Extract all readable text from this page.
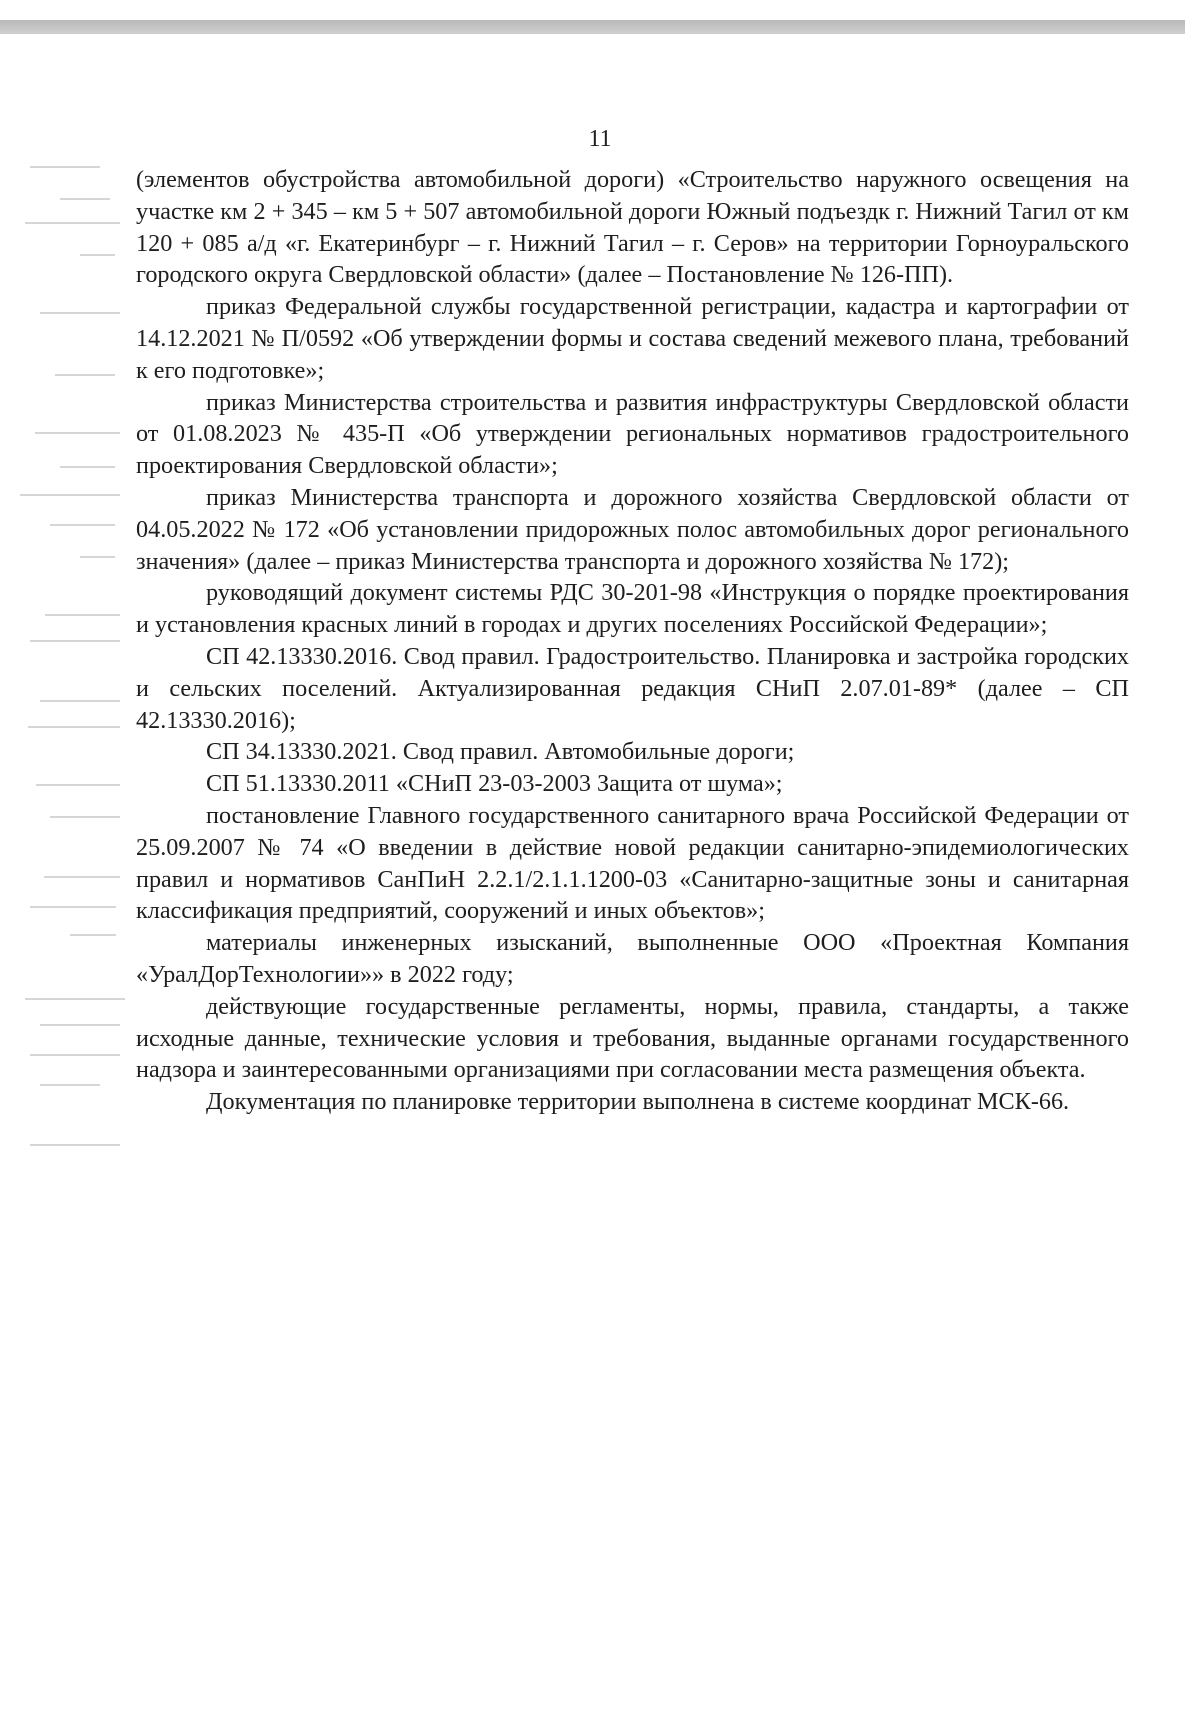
11

(элементов обустройства автомобильной дороги) «Строительство наружного освещения на участке км 2 + 345 – км 5 + 507 автомобильной дороги Южный подъездк г. Нижний Тагил от км 120 + 085 а/д «г. Екатеринбург – г. Нижний Тагил – г. Серов» на территории Горноуральского городского округа Свердловской области» (далее – Постановление № 126-ПП).

приказ Федеральной службы государственной регистрации, кадастра и картографии от 14.12.2021 № П/0592 «Об утверждении формы и состава сведений межевого плана, требований к его подготовке»;

приказ Министерства строительства и развития инфраструктуры Свердловской области от 01.08.2023 № 435-П «Об утверждении региональных нормативов градостроительного проектирования Свердловской области»;

приказ Министерства транспорта и дорожного хозяйства Свердловской области от 04.05.2022 № 172 «Об установлении придорожных полос автомобильных дорог регионального значения» (далее – приказ Министерства транспорта и дорожного хозяйства № 172);

руководящий документ системы РДС 30-201-98 «Инструкция о порядке проектирования и установления красных линий в городах и других поселениях Российской Федерации»;

СП 42.13330.2016. Свод правил. Градостроительство. Планировка и застройка городских и сельских поселений. Актуализированная редакция СНиП 2.07.01-89* (далее – СП 42.13330.2016);

СП 34.13330.2021. Свод правил. Автомобильные дороги;

СП 51.13330.2011 «СНиП 23-03-2003 Защита от шума»;

постановление Главного государственного санитарного врача Российской Федерации от 25.09.2007 № 74 «О введении в действие новой редакции санитарно-эпидемиологических правил и нормативов СанПиН 2.2.1/2.1.1.1200-03 «Санитарно-защитные зоны и санитарная классификация предприятий, сооружений и иных объектов»;

материалы инженерных изысканий, выполненные ООО «Проектная Компания «УралДорТехнологии»» в 2022 году;

действующие государственные регламенты, нормы, правила, стандарты, а также исходные данные, технические условия и требования, выданные органами государственного надзора и заинтересованными организациями при согласовании места размещения объекта.

Документация по планировке территории выполнена в системе координат МСК-66.
